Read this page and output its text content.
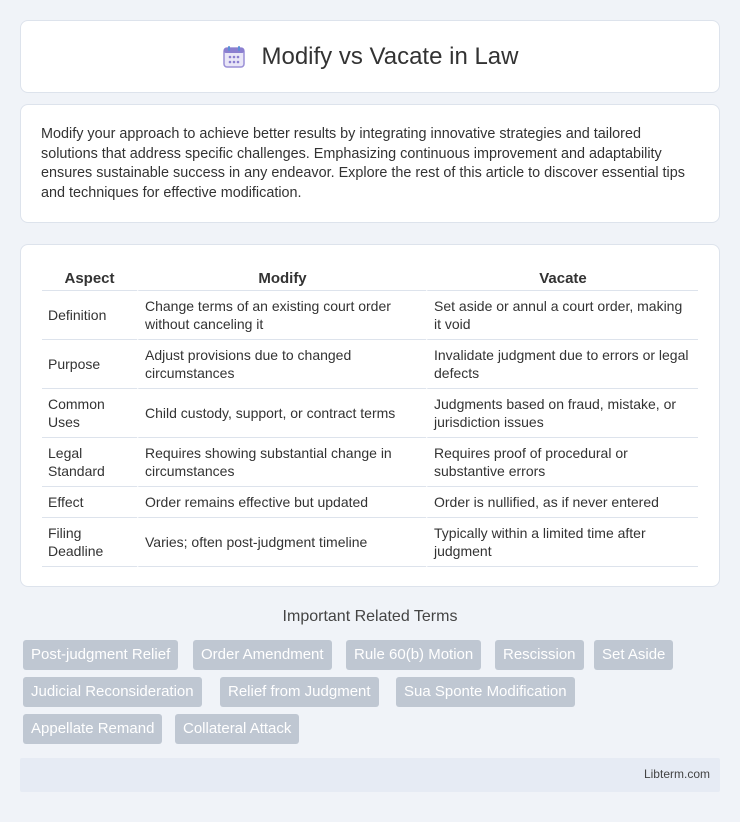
Modify vs Vacate in Law

Modify your approach to achieve better results by integrating innovative strategies and tailored solutions that address specific challenges. Emphasizing continuous improvement and adaptability ensures sustainable success in any endeavor. Explore the rest of this article to discover essential tips and techniques for effective modification.

Aspect	Modify	Vacate
Definition	Change terms of an existing court order without canceling it	Set aside or annul a court order, making it void
Purpose	Adjust provisions due to changed circumstances	Invalidate judgment due to errors or legal defects
Common Uses	Child custody, support, or contract terms	Judgments based on fraud, mistake, or jurisdiction issues
Legal Standard	Requires showing substantial change in circumstances	Requires proof of procedural or substantive errors
Effect	Order remains effective but updated	Order is nullified, as if never entered
Filing Deadline	Varies; often post-judgment timeline	Typically within a limited time after judgment
Important Related Terms
Post-judgment Relief	Order Amendment	Rule 60(b) Motion	Rescission	Set Aside
Judicial Reconsideration	Relief from Judgment	Sua Sponte Modification
Appellate Remand	Collateral Attack
Libterm.com
